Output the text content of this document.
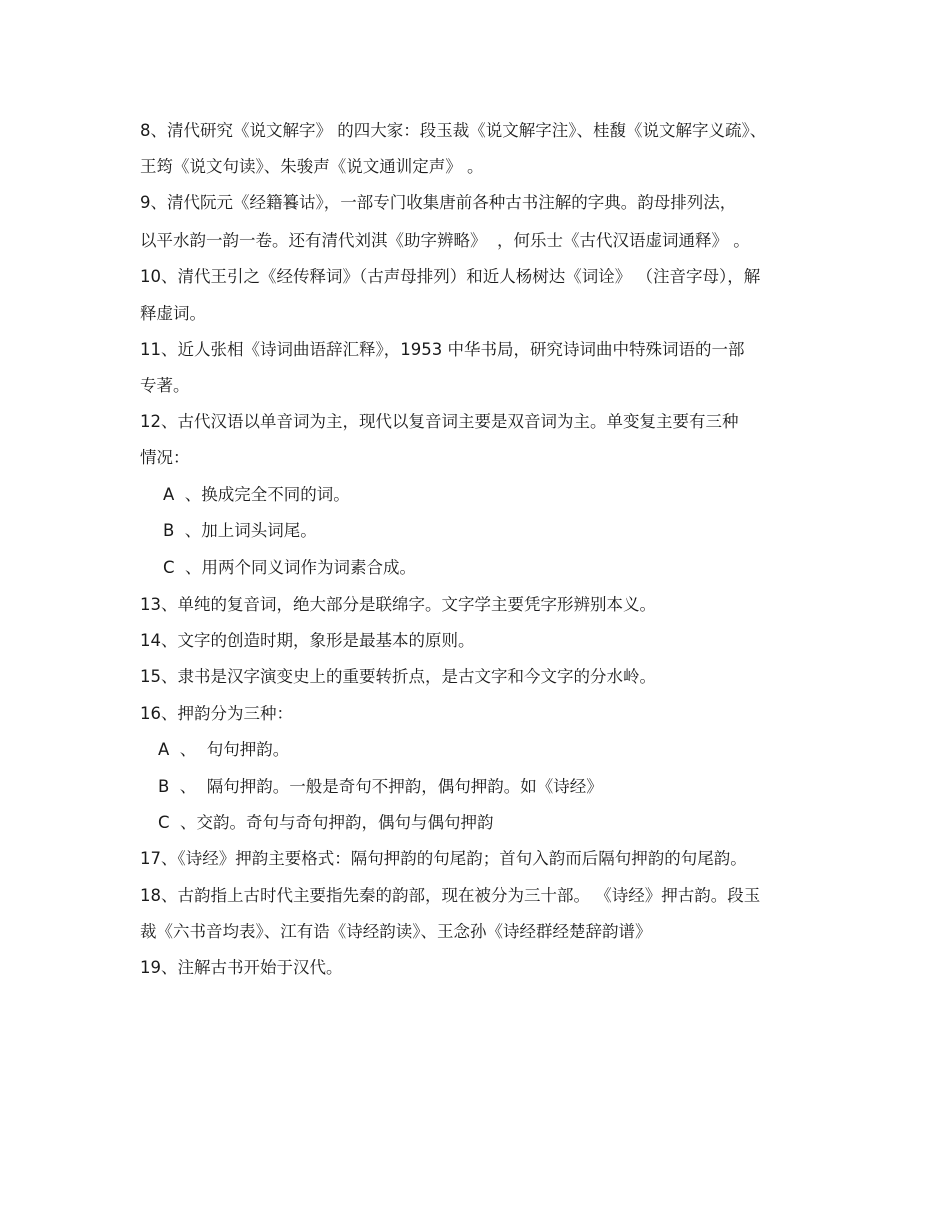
8、清代研究《说文解字》 的四大家：段玉裁《说文解字注》、桂馥《说文解字义疏》、
王筠《说文句读》、朱骏声《说文通训定声》 。
9、清代阮元《经籍籑诂》，一部专门收集唐前各种古书注解的字典。韵母排列法，
以平水韵一韵一卷。还有清代刘淇《助字辨略》  ，何乐士《古代汉语虚词通释》 。
10、清代王引之《经传释词》（古声母排列）和近人杨树达《词诠》 （注音字母），解
释虚词。
11、近人张相《诗词曲语辞汇释》，1953 中华书局，研究诗词曲中特殊词语的一部
专著。
12、古代汉语以单音词为主，现代以复音词主要是双音词为主。单变复主要有三种
情况：
A  、换成完全不同的词。
B  、加上词头词尾。
C  、用两个同义词作为词素合成。
13、单纯的复音词，绝大部分是联绵字。文字学主要凭字形辨别本义。
14、文字的创造时期，象形是最基本的原则。
15、隶书是汉字演变史上的重要转折点，是古文字和今文字的分水岭。
16、押韵分为三种：
A  、  句句押韵。
B  、  隔句押韵。一般是奇句不押韵，偶句押韵。如《诗经》
C  、交韵。奇句与奇句押韵，偶句与偶句押韵
17、《诗经》押韵主要格式：隔句押韵的句尾韵；首句入韵而后隔句押韵的句尾韵。
18、古韵指上古时代主要指先秦的韵部，现在被分为三十部。 《诗经》押古韵。段玉
裁《六书音均表》、江有诰《诗经韵读》、王念孙《诗经群经楚辞韵谱》
19、注解古书开始于汉代。
